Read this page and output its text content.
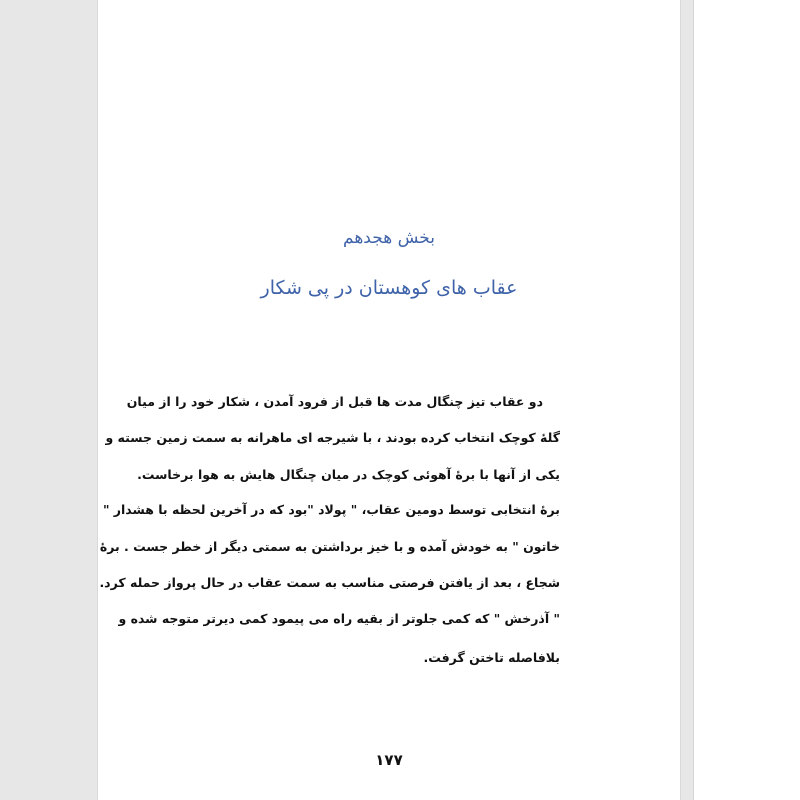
بخش هجدهم
عقاب های کوهستان در پی شکار
دو عقاب تیز چنگال مدت ها قبل از فرود آمدن ، شکار خود را از میان
گلهٔ کوچک انتخاب کرده بودند ، با شیرجه ای ماهرانه به سمت زمین جسته و
یکی از آنها با برهٔ آهوئی کوچک در میان چنگال هایش به هوا برخاست.
برهٔ انتخابی توسط دومین عقاب، " پولاد "بود که در آخرین لحظه با هشدار "
خاتون " به خودش آمده و با خیز برداشتن به سمتی دیگر از خطر جست . برهٔ
شجاع ، بعد از یافتن فرصتی مناسب به سمت عقاب در حال پرواز حمله کرد.
" آذرخش " که کمی جلوتر از بقیه راه می پیمود کمی دیرتر متوجه شده و
بلافاصله تاختن گرفت.
۱۷۷
